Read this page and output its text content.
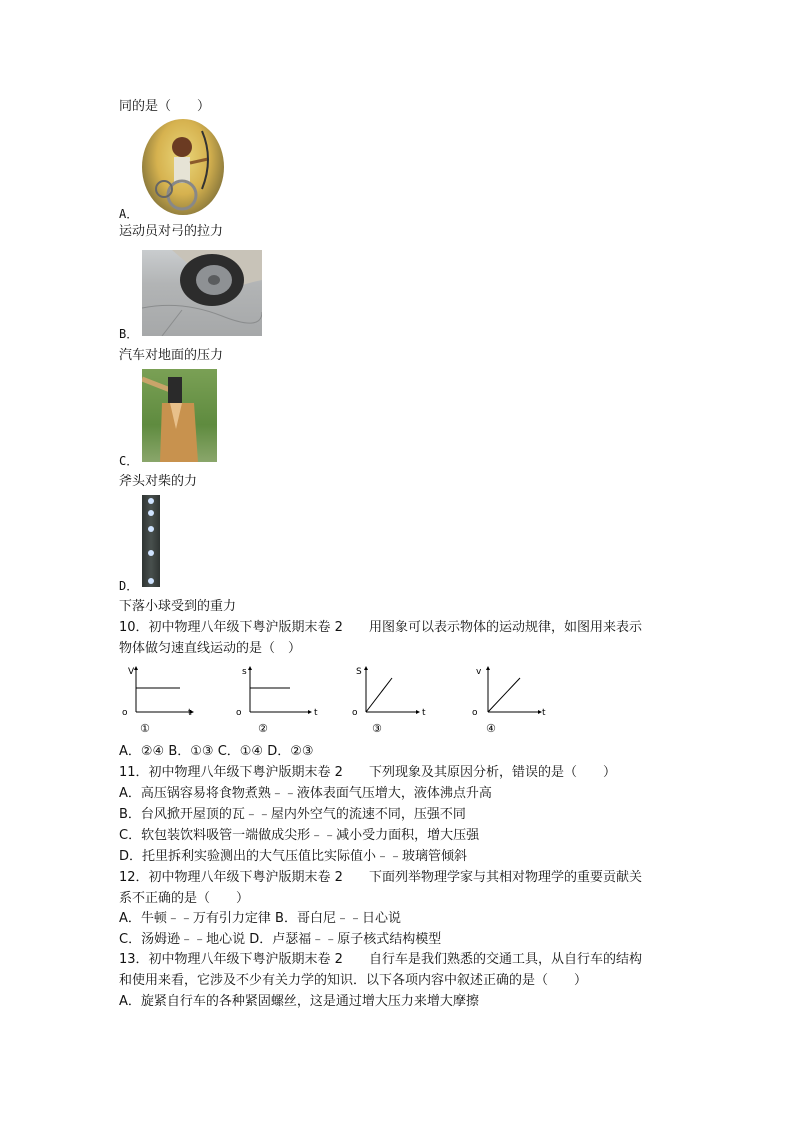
同的是（　　）
A．
运动员对弓的拉力
B．
汽车对地面的压力
C．
斧头对柴的力
D．
下落小球受到的重力
10．初中物理八年级下粤沪版期末卷 2　　用图象可以表示物体的运动规律，如图用来表示
物体做匀速直线运动的是（　）
V
t
o
①
s
t
o
②
S
t
o
③
v
t
o
④
A．②④ B．①③ C．①④ D．②③
11．初中物理八年级下粤沪版期末卷 2　　下列现象及其原因分析，错误的是（　　）
A．高压锅容易将食物煮熟﹣﹣液体表面气压增大，液体沸点升高
B．台风掀开屋顶的瓦﹣﹣屋内外空气的流速不同，压强不同
C．软包装饮料吸管一端做成尖形﹣﹣减小受力面积，增大压强
D．托里拆利实验测出的大气压值比实际值小﹣﹣玻璃管倾斜
12．初中物理八年级下粤沪版期末卷 2　　下面列举物理学家与其相对物理学的重要贡献关
系不正确的是（　　）
A．牛顿﹣﹣万有引力定律 B．哥白尼﹣﹣日心说
C．汤姆逊﹣﹣地心说 D．卢瑟福﹣﹣原子核式结构模型
13．初中物理八年级下粤沪版期末卷 2　　自行车是我们熟悉的交通工具，从自行车的结构
和使用来看，它涉及不少有关力学的知识．以下各项内容中叙述正确的是（　　）
A．旋紧自行车的各种紧固螺丝，这是通过增大压力来增大摩擦
